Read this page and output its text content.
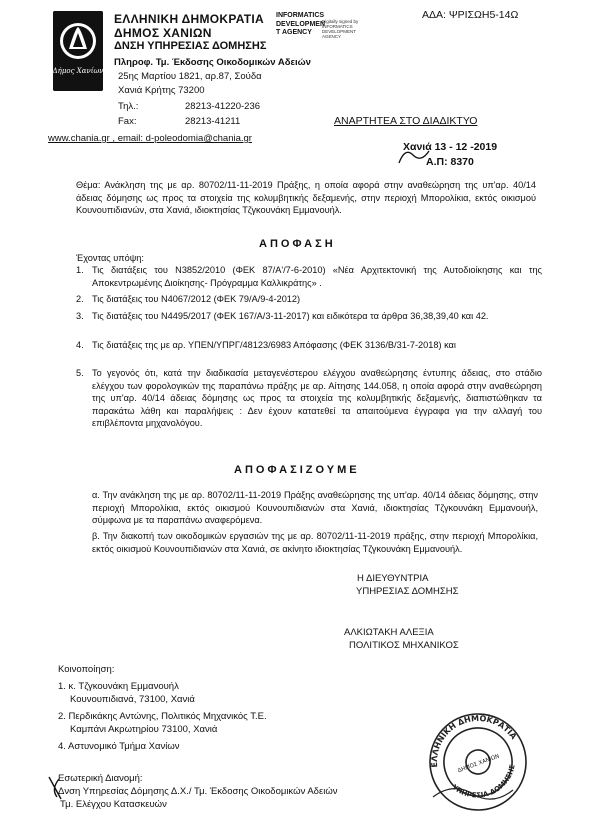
Δήμος Χανίων
ΑΔΑ: ΨΡΙΣΩΗ5-14Ω
ΕΛΛΗΝΙΚΗ ΔΗΜΟΚΡΑΤΙΑ
ΔΗΜΟΣ ΧΑΝΙΩΝ
ΔΝΣΗ ΥΠΗΡΕΣΙΑΣ ΔΟΜΗΣΗΣ
INFORMATICS DEVELOPMEN T AGENCY
Digitally signed by INFORMATICS DEVELOPMENT AGENCY
Πληροφ. Τμ. Έκδοσης Οικοδομικών Αδειών
25ης Μαρτίου 1821, αρ.87, Σούδα
Χανιά Κρήτης 73200
Τηλ.:	28213-41220-236
Fax:	28213-41211
www.chania.gr , email: d-poleodomia@chania.gr
ΑΝΑΡΤΗΤΕΑ ΣΤΟ ΔΙΑΔΙΚΤΥΟ
Χανιά 13 - 12 -2019
Α.Π: 8370
Θέμα: Ανάκληση της με αρ. 80702/11-11-2019 Πράξης, η οποία αφορά στην αναθεώρηση της υπ'αρ. 40/14 άδειας δόμησης ως προς τα στοιχεία της κολυμβητικής δεξαμενής, στην περιοχή Μπορολίκια, εκτός οικισμού Κουνουπιδιανών, στα Χανιά, ιδιοκτησίας Τζγκουνάκη Εμμανουήλ.
ΑΠΟΦΑΣΗ
Έχοντας υπόψη:
1. Τις διατάξεις του Ν3852/2010 (ΦΕΚ 87/Α'/7-6-2010) «Νέα Αρχιτεκτονική της Αυτοδιοίκησης και της Αποκεντρωμένης Διοίκησης- Πρόγραμμα Καλλικράτης» .
2. Τις διατάξεις του Ν4067/2012 (ΦΕΚ 79/Α/9-4-2012)
3. Τις διατάξεις του Ν4495/2017 (ΦΕΚ 167/Α/3-11-2017) και ειδικότερα τα άρθρα 36,38,39,40 και 42.
4. Τις διατάξεις της με αρ. ΥΠΕΝ/ΥΠΡΓ/48123/6983 Απόφασης (ΦΕΚ 3136/Β/31-7-2018) και
5. Το γεγονός ότι, κατά την διαδικασία μεταγενέστερου ελέγχου αναθεώρησης έντυπης άδειας, στο στάδιο ελέγχου των φορολογικών της παραπάνω πράξης με αρ. Αίτησης 144.058, η οποία αφορά στην αναθεώρηση της υπ'αρ. 40/14 άδειας δόμησης ως προς τα στοιχεία της κολυμβητικής δεξαμενής, διαπιστώθηκαν τα παρακάτω λάθη και παραλήψεις : Δεν έχουν κατατεθεί τα απαιτούμενα έγγραφα για την αλλαγή του επιβλέποντα μηχανολόγου.
ΑΠΟΦΑΣΙΖΟΥΜΕ
α. Την ανάκληση της με αρ. 80702/11-11-2019 Πράξης αναθεώρησης της υπ'αρ. 40/14 άδειας δόμησης, στην περιοχή Μπορολίκια, εκτός οικισμού Κουνουπιδιανών στα Χανιά, ιδιοκτησίας Τζγκουνάκη Εμμανουήλ, σύμφωνα με τα παραπάνω αναφερόμενα.
β. Την διακοπή των οικοδομικών εργασιών της με αρ. 80702/11-11-2019 πράξης, στην περιοχή Μπορολίκια, εκτός οικισμού Κουνουπιδιανών στα Χανιά, σε ακίνητο ιδιοκτησίας Τζγκουνάκη Εμμανουήλ.
Η ΔΙΕΥΘΥΝΤΡΙΑ
ΥΠΗΡΕΣΙΑΣ ΔΟΜΗΣΗΣ
ΑΛΚΙΩΤΑΚΗ ΑΛΕΞΙΑ
ΠΟΛΙΤΙΚΟΣ ΜΗΧΑΝΙΚΟΣ
Κοινοποίηση:
1. κ. Τζγκουνάκη Εμμανουήλ
Κουνουπιδιανά, 73100, Χανιά
2. Περδικάκης Αντώνης, Πολιτικός Μηχανικός Τ.Ε.
Καμπάνι Ακρωτηρίου 73100, Χανιά
4. Αστυνομικό Τμήμα Χανίων
Εσωτερική Διανομή:
Δνση Υπηρεσίας Δόμησης Δ.Χ./ Τμ. Έκδοσης Οικοδομικών Αδειών
Τμ. Ελέγχου Κατασκευών
ΕΛΛΗΝΙΚΗ ΔΗΜΟΚΡΑΤΙΑ
ΥΠΗΡΕΣΙΑ ΔΟΜΗΣΗΣ
ΔΗΜΟΣ ΧΑΝΙΩΝ
